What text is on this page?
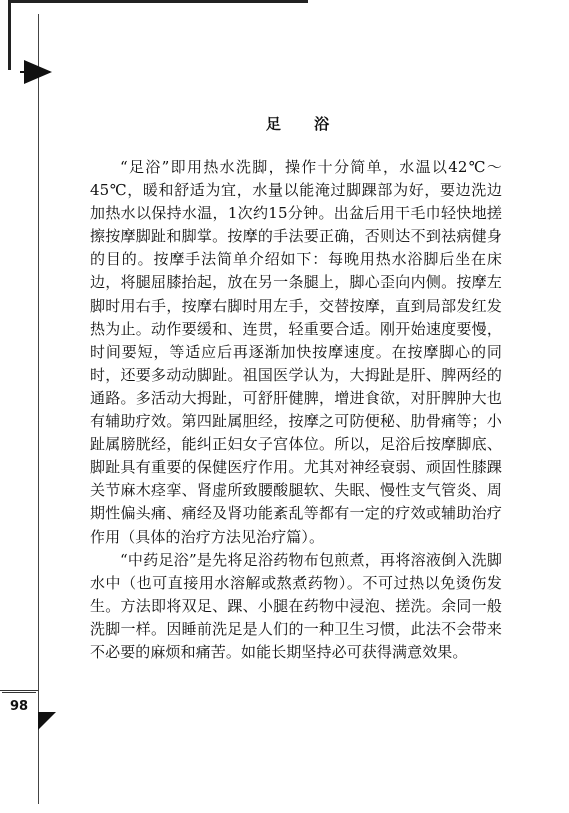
98
足 浴

“足浴”即用热水洗脚，操作十分简单，水温以42℃～45℃，暖和舒适为宜，水量以能淹过脚踝部为好，要边洗边加热水以保持水温，1次约15分钟。出盆后用干毛巾轻快地搓擦按摩脚趾和脚掌。按摩的手法要正确，否则达不到祛病健身的目的。按摩手法简单介绍如下：每晚用热水浴脚后坐在床边，将腿屈膝抬起，放在另一条腿上，脚心歪向内侧。按摩左脚时用右手，按摩右脚时用左手，交替按摩，直到局部发红发热为止。动作要缓和、连贯，轻重要合适。刚开始速度要慢，时间要短，等适应后再逐渐加快按摩速度。在按摩脚心的同时，还要多动动脚趾。祖国医学认为，大拇趾是肝、脾两经的通路。多活动大拇趾，可舒肝健脾，增进食欲，对肝脾肿大也有辅助疗效。第四趾属胆经，按摩之可防便秘、肋骨痛等；小趾属膀胱经，能纠正妇女子宫体位。所以，足浴后按摩脚底、脚趾具有重要的保健医疗作用。尤其对神经衰弱、顽固性膝踝关节麻木痉挛、肾虚所致腰酸腿软、失眠、慢性支气管炎、周期性偏头痛、痛经及肾功能紊乱等都有一定的疗效或辅助治疗作用（具体的治疗方法见治疗篇）。

“中药足浴”是先将足浴药物布包煎煮，再将溶液倒入洗脚水中（也可直接用水溶解或熬煮药物）。不可过热以免烫伤发生。方法即将双足、踝、小腿在药物中浸泡、搓洗。余同一般洗脚一样。因睡前洗足是人们的一种卫生习惯，此法不会带来不必要的麻烦和痛苦。如能长期坚持必可获得满意效果。
